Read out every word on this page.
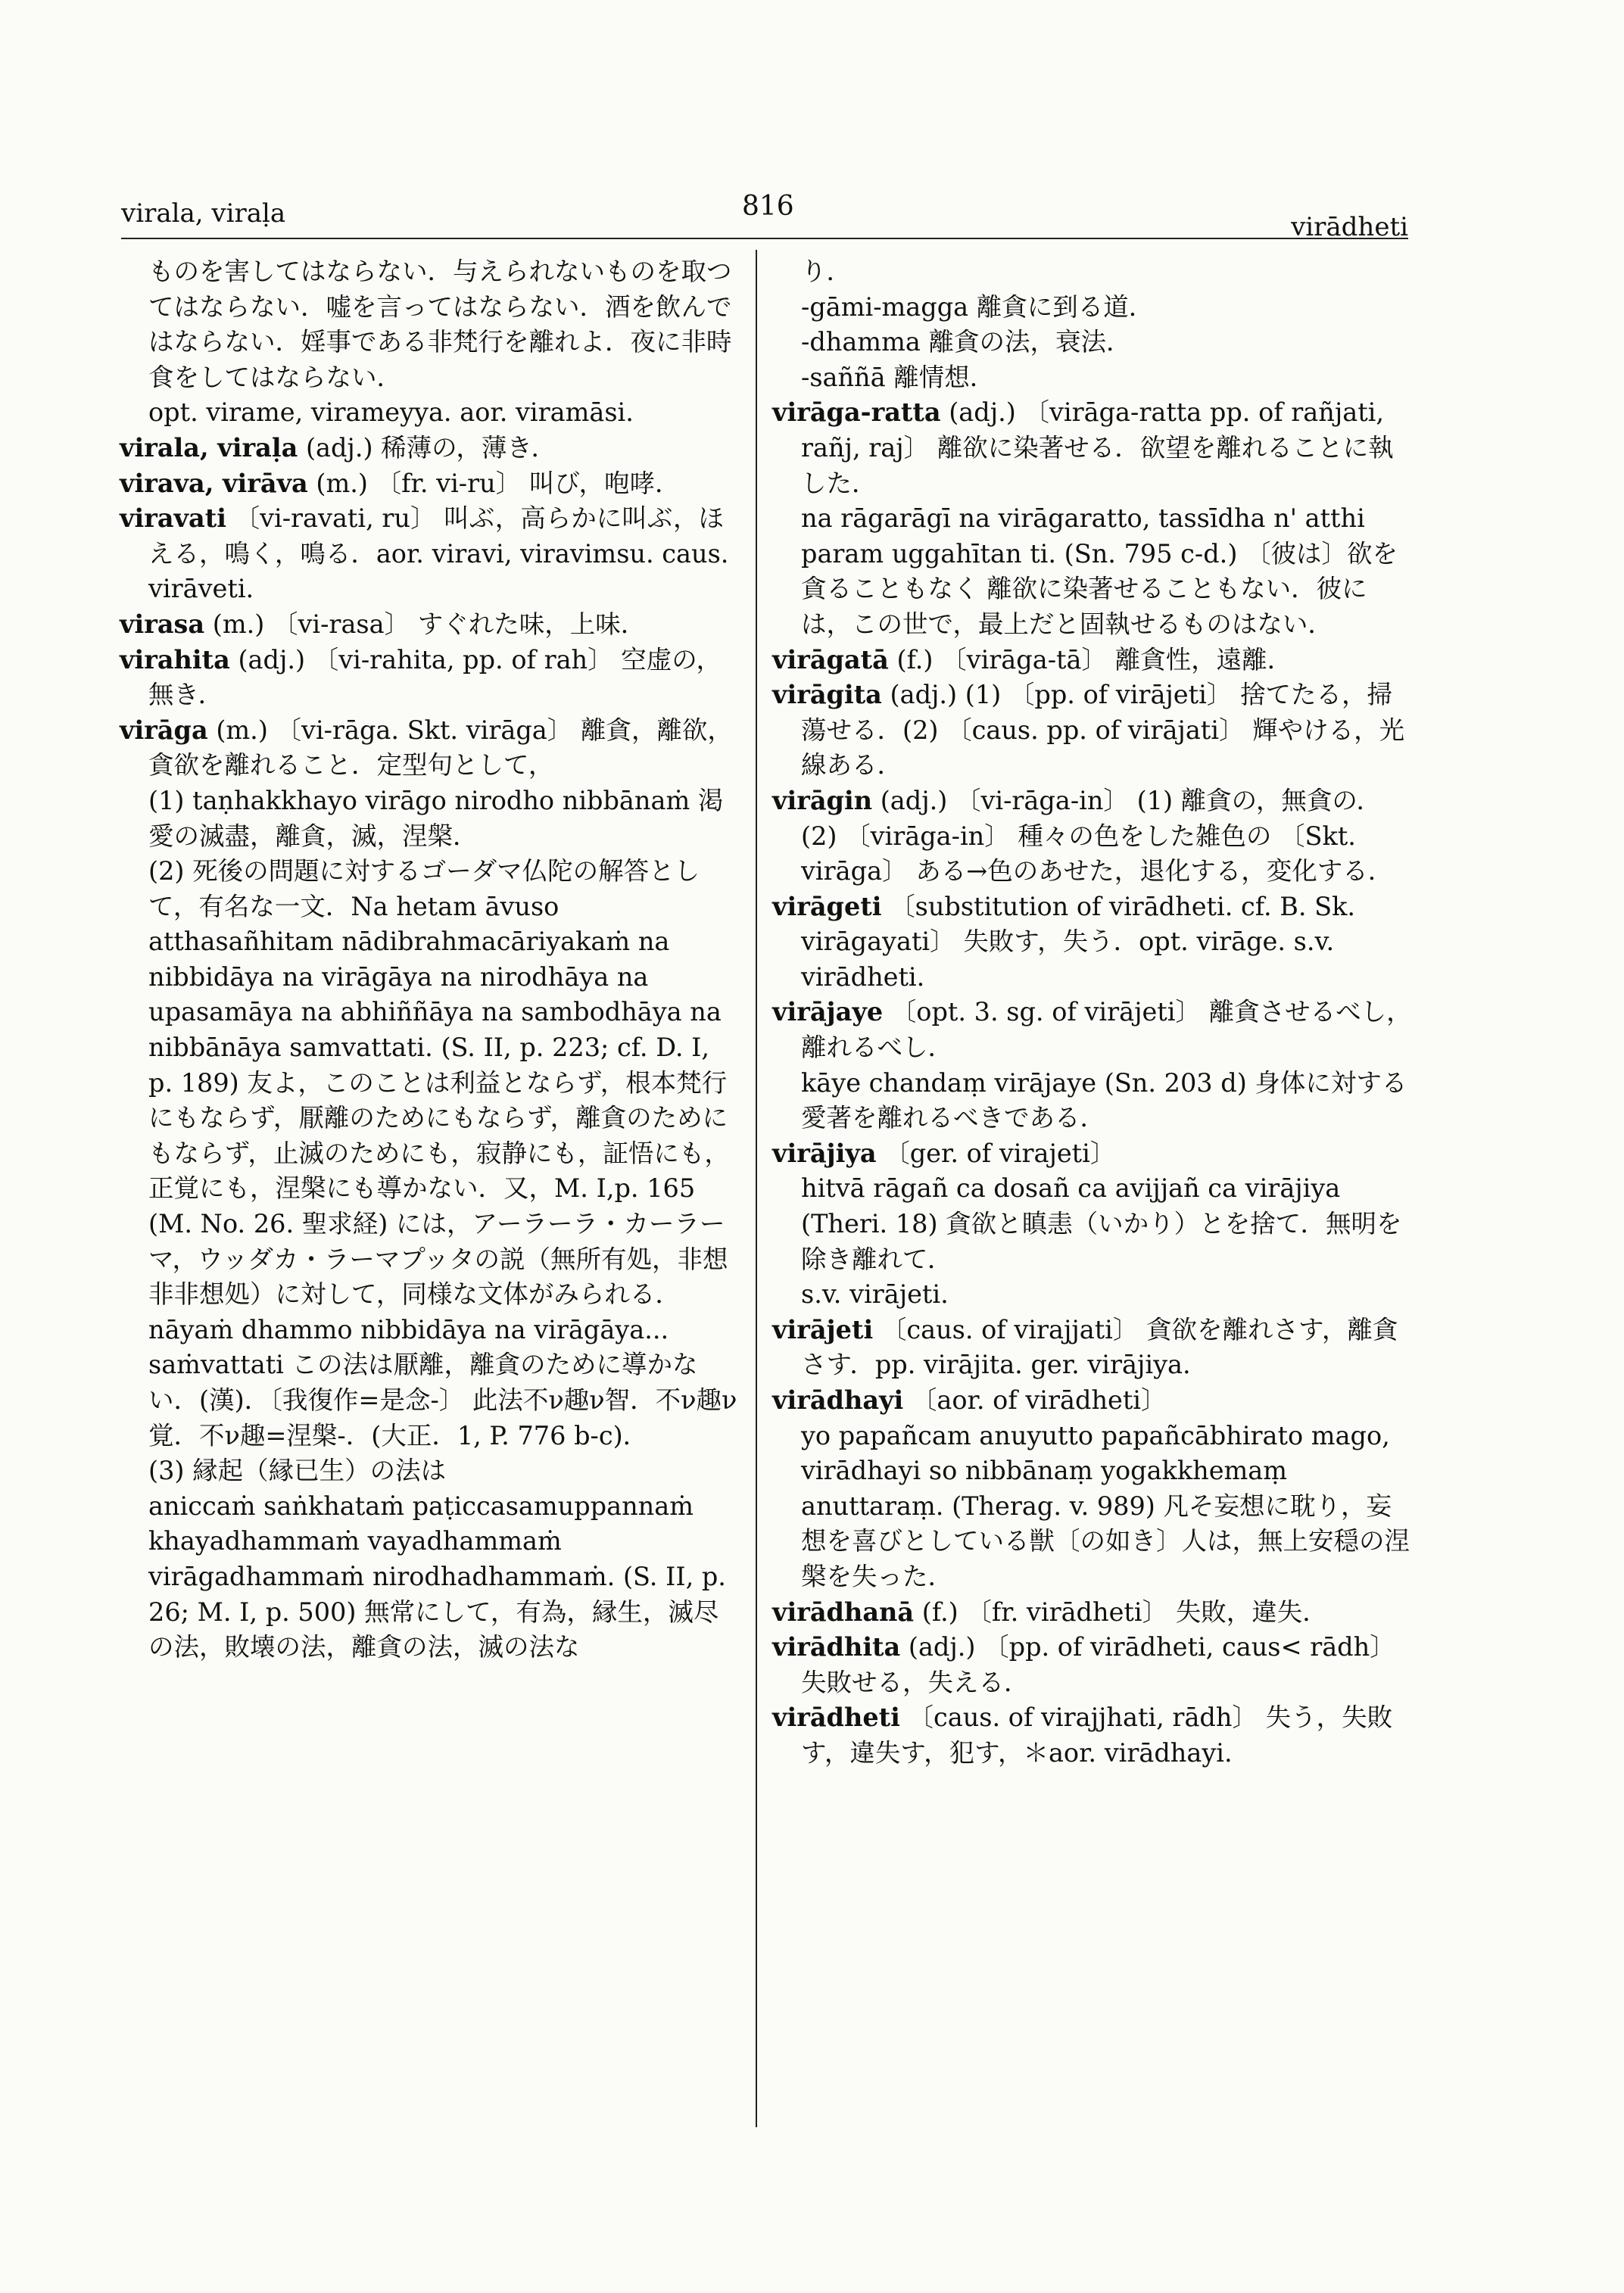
virala, viraḷa	816
virādheti

ものを害してはならない．与えられないものを取つてはならない．嘘を言ってはならない．酒を飲んではならない．婬事である非梵行を離れよ．夜に非時食をしてはならない．

opt. virame, virameyya. aor. viramāsi.

virala, viraḷa (adj.) 稀薄の，薄き．

virava, virāva (m.) 〔fr. vi-ru〕 叫び，咆哮．

viravati 〔vi-ravati, ru〕 叫ぶ，高らかに叫ぶ，ほえる，鳴く，鳴る．aor. viravi, viravimsu. caus. virāveti.

virasa (m.) 〔vi-rasa〕 すぐれた味，上味．

virahita (adj.) 〔vi-rahita, pp. of rah〕 空虚の，無き．

virāga (m.) 〔vi-rāga. Skt. virāga〕 離貪，離欲，貪欲を離れること．定型句として，

(1) taṇhakkhayo virāgo nirodho nibbānaṁ 渇愛の滅盡，離貪，滅，涅槃．

(2) 死後の問題に対するゴーダマ仏陀の解答として，有名な一文．Na hetam āvuso atthasañhitam nādibrahmacāriyakaṁ na nibbidāya na virāgāya na nirodhāya na upasamāya na abhiññāya na sambodhāya na nibbānāya samvattati. (S. II, p. 223; cf. D. I, p. 189) 友よ，このことは利益とならず，根本梵行にもならず，厭離のためにもならず，離貪のためにもならず，止滅のためにも，寂静にも，証悟にも，正覚にも，涅槃にも導かない．又，M. I,p. 165 (M. No. 26. 聖求経) には，アーラーラ・カーラーマ，ウッダカ・ラーマプッタの説（無所有処，非想非非想処）に対して，同様な文体がみられる．

nāyaṁ dhammo nibbidāya na virāgāya... saṁvattati この法は厭離，離貪のために導かない．(漢)．〔我復作=是念-〕 此法不ν趣ν智．不ν趣ν覚．不ν趣=涅槃-．(大正．1, P. 776 b-c)．

(3) 縁起（縁已生）の法は

aniccaṁ saṅkhataṁ paṭiccasamuppannaṁ khayadhammaṁ vayadhammaṁ virāgadhammaṁ nirodhadhammaṁ. (S. II, p. 26; M. I, p. 500) 無常にして，有為，縁生，滅尽の法，敗壊の法，離貪の法，滅の法な

り．

-gāmi-magga 離貪に到る道．

-dhamma 離貪の法，衰法．

-saññā 離情想．

virāga-ratta (adj.) 〔virāga-ratta pp. of rañjati, rañj, raj〕 離欲に染著せる．欲望を離れることに執した．

na rāgarāgī na virāgaratto, tassīdha n' atthi param uggahītan ti. (Sn. 795 c-d.) 〔彼は〕欲を貪ることもなく 離欲に染著せることもない．彼には，この世で，最上だと固執せるものはない．

virāgatā (f.) 〔virāga-tā〕 離貪性，遠離．

virāgita (adj.) (1) 〔pp. of virājeti〕 捨てたる，掃蕩せる．(2) 〔caus. pp. of virājati〕 輝やける，光線ある．

virāgin (adj.) 〔vi-rāga-in〕 (1) 離貪の，無貪の．(2) 〔virāga-in〕 種々の色をした雑色の 〔Skt. virāga〕 ある→色のあせた，退化する，変化する．

virāgeti 〔substitution of virādheti. cf. B. Sk. virāgayati〕 失敗す，失う．opt. virāge. s.v. virādheti.

virājaye 〔opt. 3. sg. of virājeti〕 離貪させるべし，離れるべし．

kāye chandaṃ virājaye (Sn. 203 d) 身体に対する愛著を離れるべきである．

virājiya 〔ger. of virajeti〕

hitvā rāgañ ca dosañ ca avijjañ ca virājiya (Theri. 18) 貪欲と瞋恚（いかり）とを捨て．無明を除き離れて．

s.v. virājeti.

virājeti 〔caus. of virajjati〕 貪欲を離れさす，離貪さす．pp. virājita. ger. virājiya.

virādhayi 〔aor. of virādheti〕

yo papañcam anuyutto papañcābhirato mago, virādhayi so nibbānaṃ yogakkhemaṃ anuttaraṃ. (Therag. v. 989) 凡そ妄想に耽り，妄想を喜びとしている獣〔の如き〕人は，無上安穏の涅槃を失った．

virādhanā (f.) 〔fr. virādheti〕 失敗，違失．

virādhita (adj.) 〔pp. of virādheti, caus< rādh〕 失敗せる，失える．

virādheti 〔caus. of virajjhati, rādh〕 失う，失敗す，違失す，犯す，＊aor. virādhayi.
